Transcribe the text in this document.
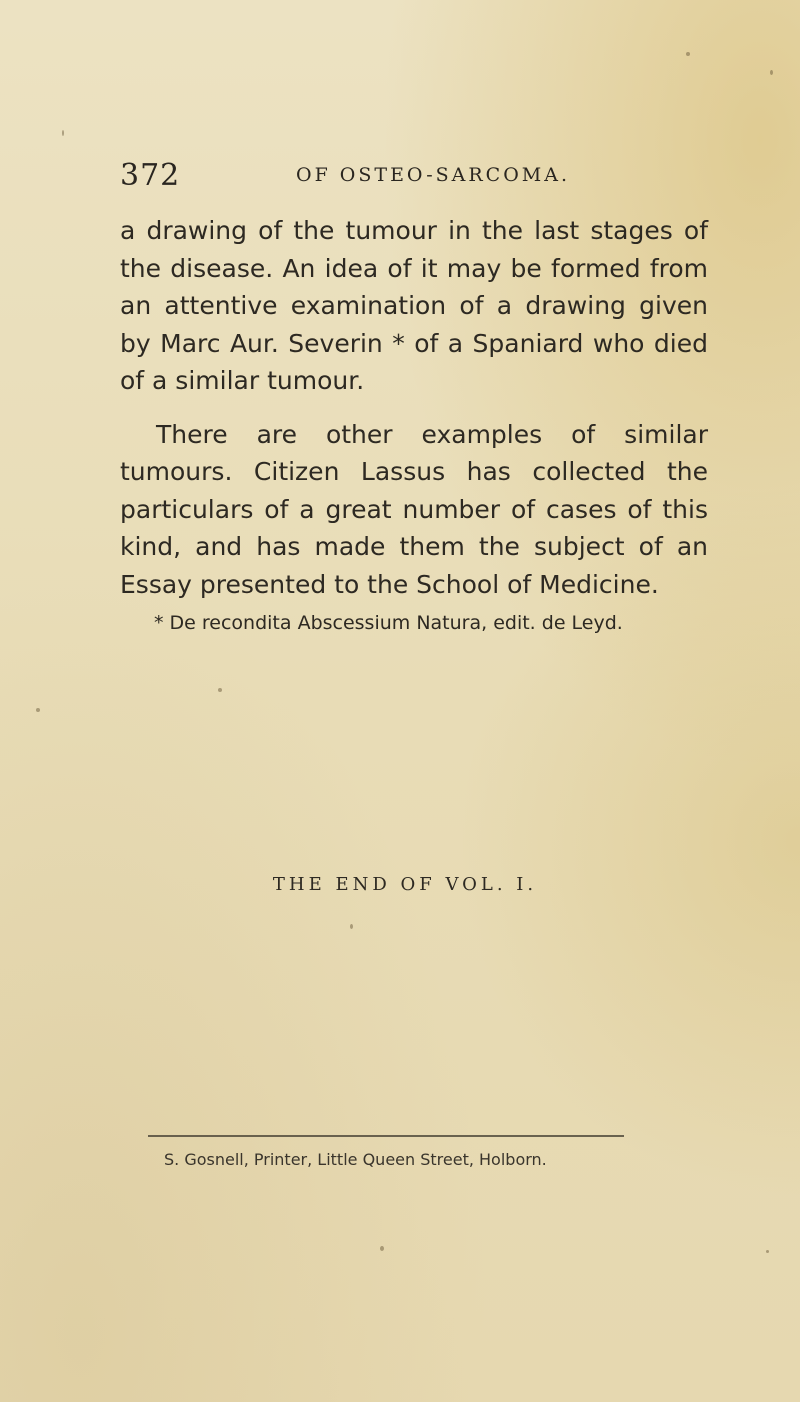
372	OF OSTEO-SARCOMA.

a drawing of the tumour in the last stages of the disease. An idea of it may be formed from an attentive examination of a drawing given by Marc Aur. Severin * of a Spaniard who died of a similar tumour.

There are other examples of similar tumours. Citizen Lassus has collected the particulars of a great number of cases of this kind, and has made them the subject of an Essay presented to the School of Medicine.

* De recondita Abscessium Natura, edit. de Leyd.
THE END OF VOL. I.
S. Gosnell, Printer, Little Queen Street, Holborn.
